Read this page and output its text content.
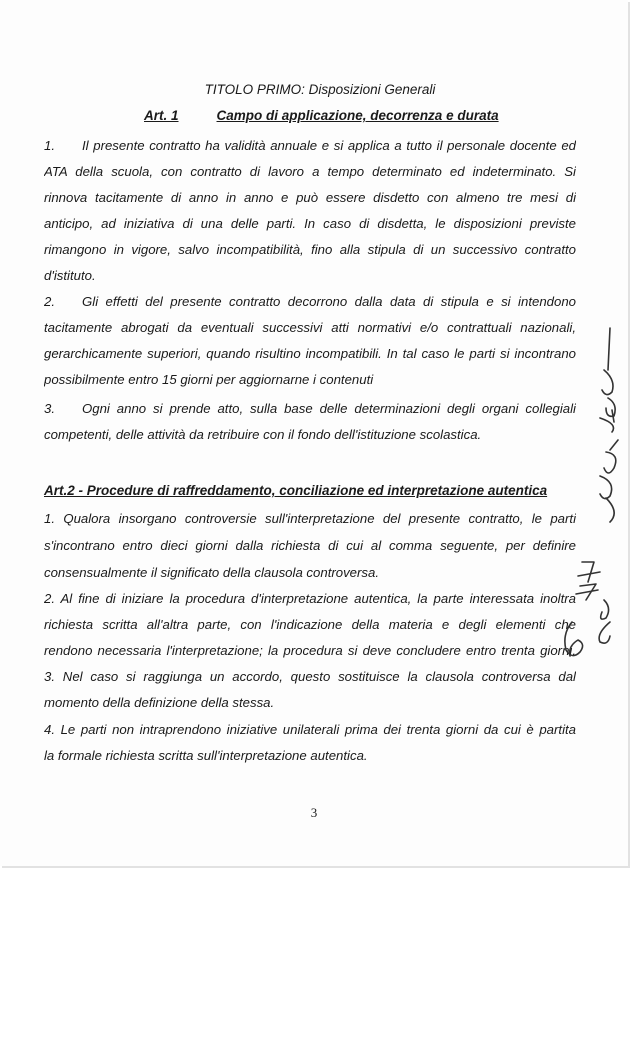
TITOLO PRIMO: Disposizioni Generali
Art. 1	Campo di applicazione, decorrenza e durata
1. Il presente contratto ha validità annuale e si applica a tutto il personale docente ed
ATA della scuola, con contratto di lavoro a tempo determinato ed indeterminato. Si
rinnova tacitamente di anno in anno e può essere disdetto con almeno tre mesi di
anticipo, ad iniziativa di una delle parti. In caso di disdetta, le disposizioni previste
rimangono in vigore, salvo incompatibilità, fino alla stipula di un successivo contratto
d'istituto.
2. Gli effetti del presente contratto decorrono dalla data di stipula e si intendono
tacitamente abrogati da eventuali successivi atti normativi e/o contrattuali nazionali,
gerarchicamente superiori, quando risultino incompatibili. In tal caso le parti si incontrano
possibilmente entro 15 giorni per aggiornarne i contenuti
3. Ogni anno si prende atto, sulla base delle determinazioni degli organi collegiali
competenti, delle attività da retribuire con il fondo dell'istituzione scolastica.
Art.2 - Procedure di raffreddamento, conciliazione ed interpretazione autentica
1. Qualora insorgano controversie sull'interpretazione del presente contratto, le parti
s'incontrano entro dieci giorni dalla richiesta di cui al comma seguente, per definire
consensualmente il significato della clausola controversa.
2. Al fine di iniziare la procedura d'interpretazione autentica, la parte interessata inoltra
richiesta scritta all'altra parte, con l'indicazione della materia e degli elementi che
rendono necessaria l'interpretazione; la procedura si deve concludere entro trenta giorni.
3. Nel caso si raggiunga un accordo, questo sostituisce la clausola controversa dal
momento della definizione della stessa.
4. Le parti non intraprendono iniziative unilaterali prima dei trenta giorni da cui è partita
la formale richiesta scritta sull'interpretazione autentica.
3
